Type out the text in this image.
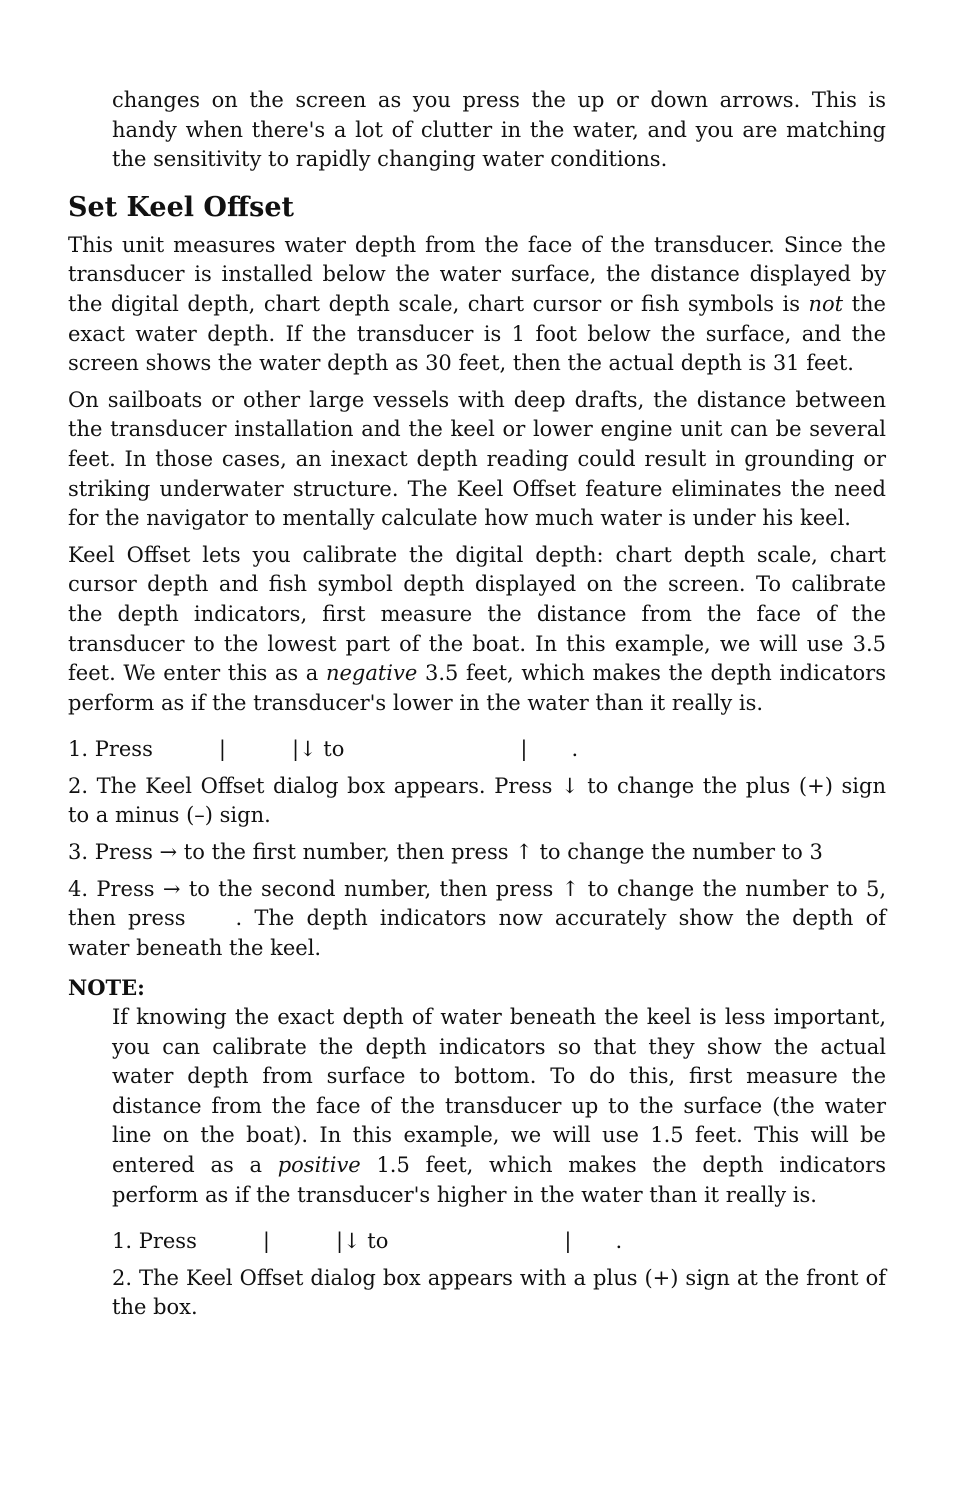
changes on the screen as you press the up or down arrows. This is handy when there's a lot of clutter in the water, and you are matching the sensitivity to rapidly changing water conditions.

Set Keel Offset

This unit measures water depth from the face of the transducer. Since the transducer is installed below the water surface, the distance displayed by the digital depth, chart depth scale, chart cursor or fish symbols is not the exact water depth. If the transducer is 1 foot below the surface, and the screen shows the water depth as 30 feet, then the actual depth is 31 feet.

On sailboats or other large vessels with deep drafts, the distance between the transducer installation and the keel or lower engine unit can be several feet. In those cases, an inexact depth reading could result in grounding or striking underwater structure. The Keel Offset feature eliminates the need for the navigator to mentally calculate how much water is under his keel.

Keel Offset lets you calibrate the digital depth: chart depth scale, chart cursor depth and fish symbol depth displayed on the screen. To calibrate the depth indicators, first measure the distance from the face of the transducer to the lowest part of the boat. In this example, we will use 3.5 feet. We enter this as a negative 3.5 feet, which makes the depth indicators perform as if the transducer's lower in the water than it really is.

1. Press	|	|↓ to	| .

2. The Keel Offset dialog box appears. Press ↓ to change the plus (+) sign to a minus (–) sign.

3. Press → to the first number, then press ↑ to change the number to 3

4. Press → to the second number, then press ↑ to change the number to 5, then press . The depth indicators now accurately show the depth of water beneath the keel.

NOTE:

If knowing the exact depth of water beneath the keel is less important, you can calibrate the depth indicators so that they show the actual water depth from surface to bottom. To do this, first measure the distance from the face of the transducer up to the surface (the water line on the boat). In this example, we will use 1.5 feet. This will be entered as a positive 1.5 feet, which makes the depth indicators perform as if the transducer's higher in the water than it really is.

1. Press	|	|↓ to	| .

2. The Keel Offset dialog box appears with a plus (+) sign at the front of the box.
